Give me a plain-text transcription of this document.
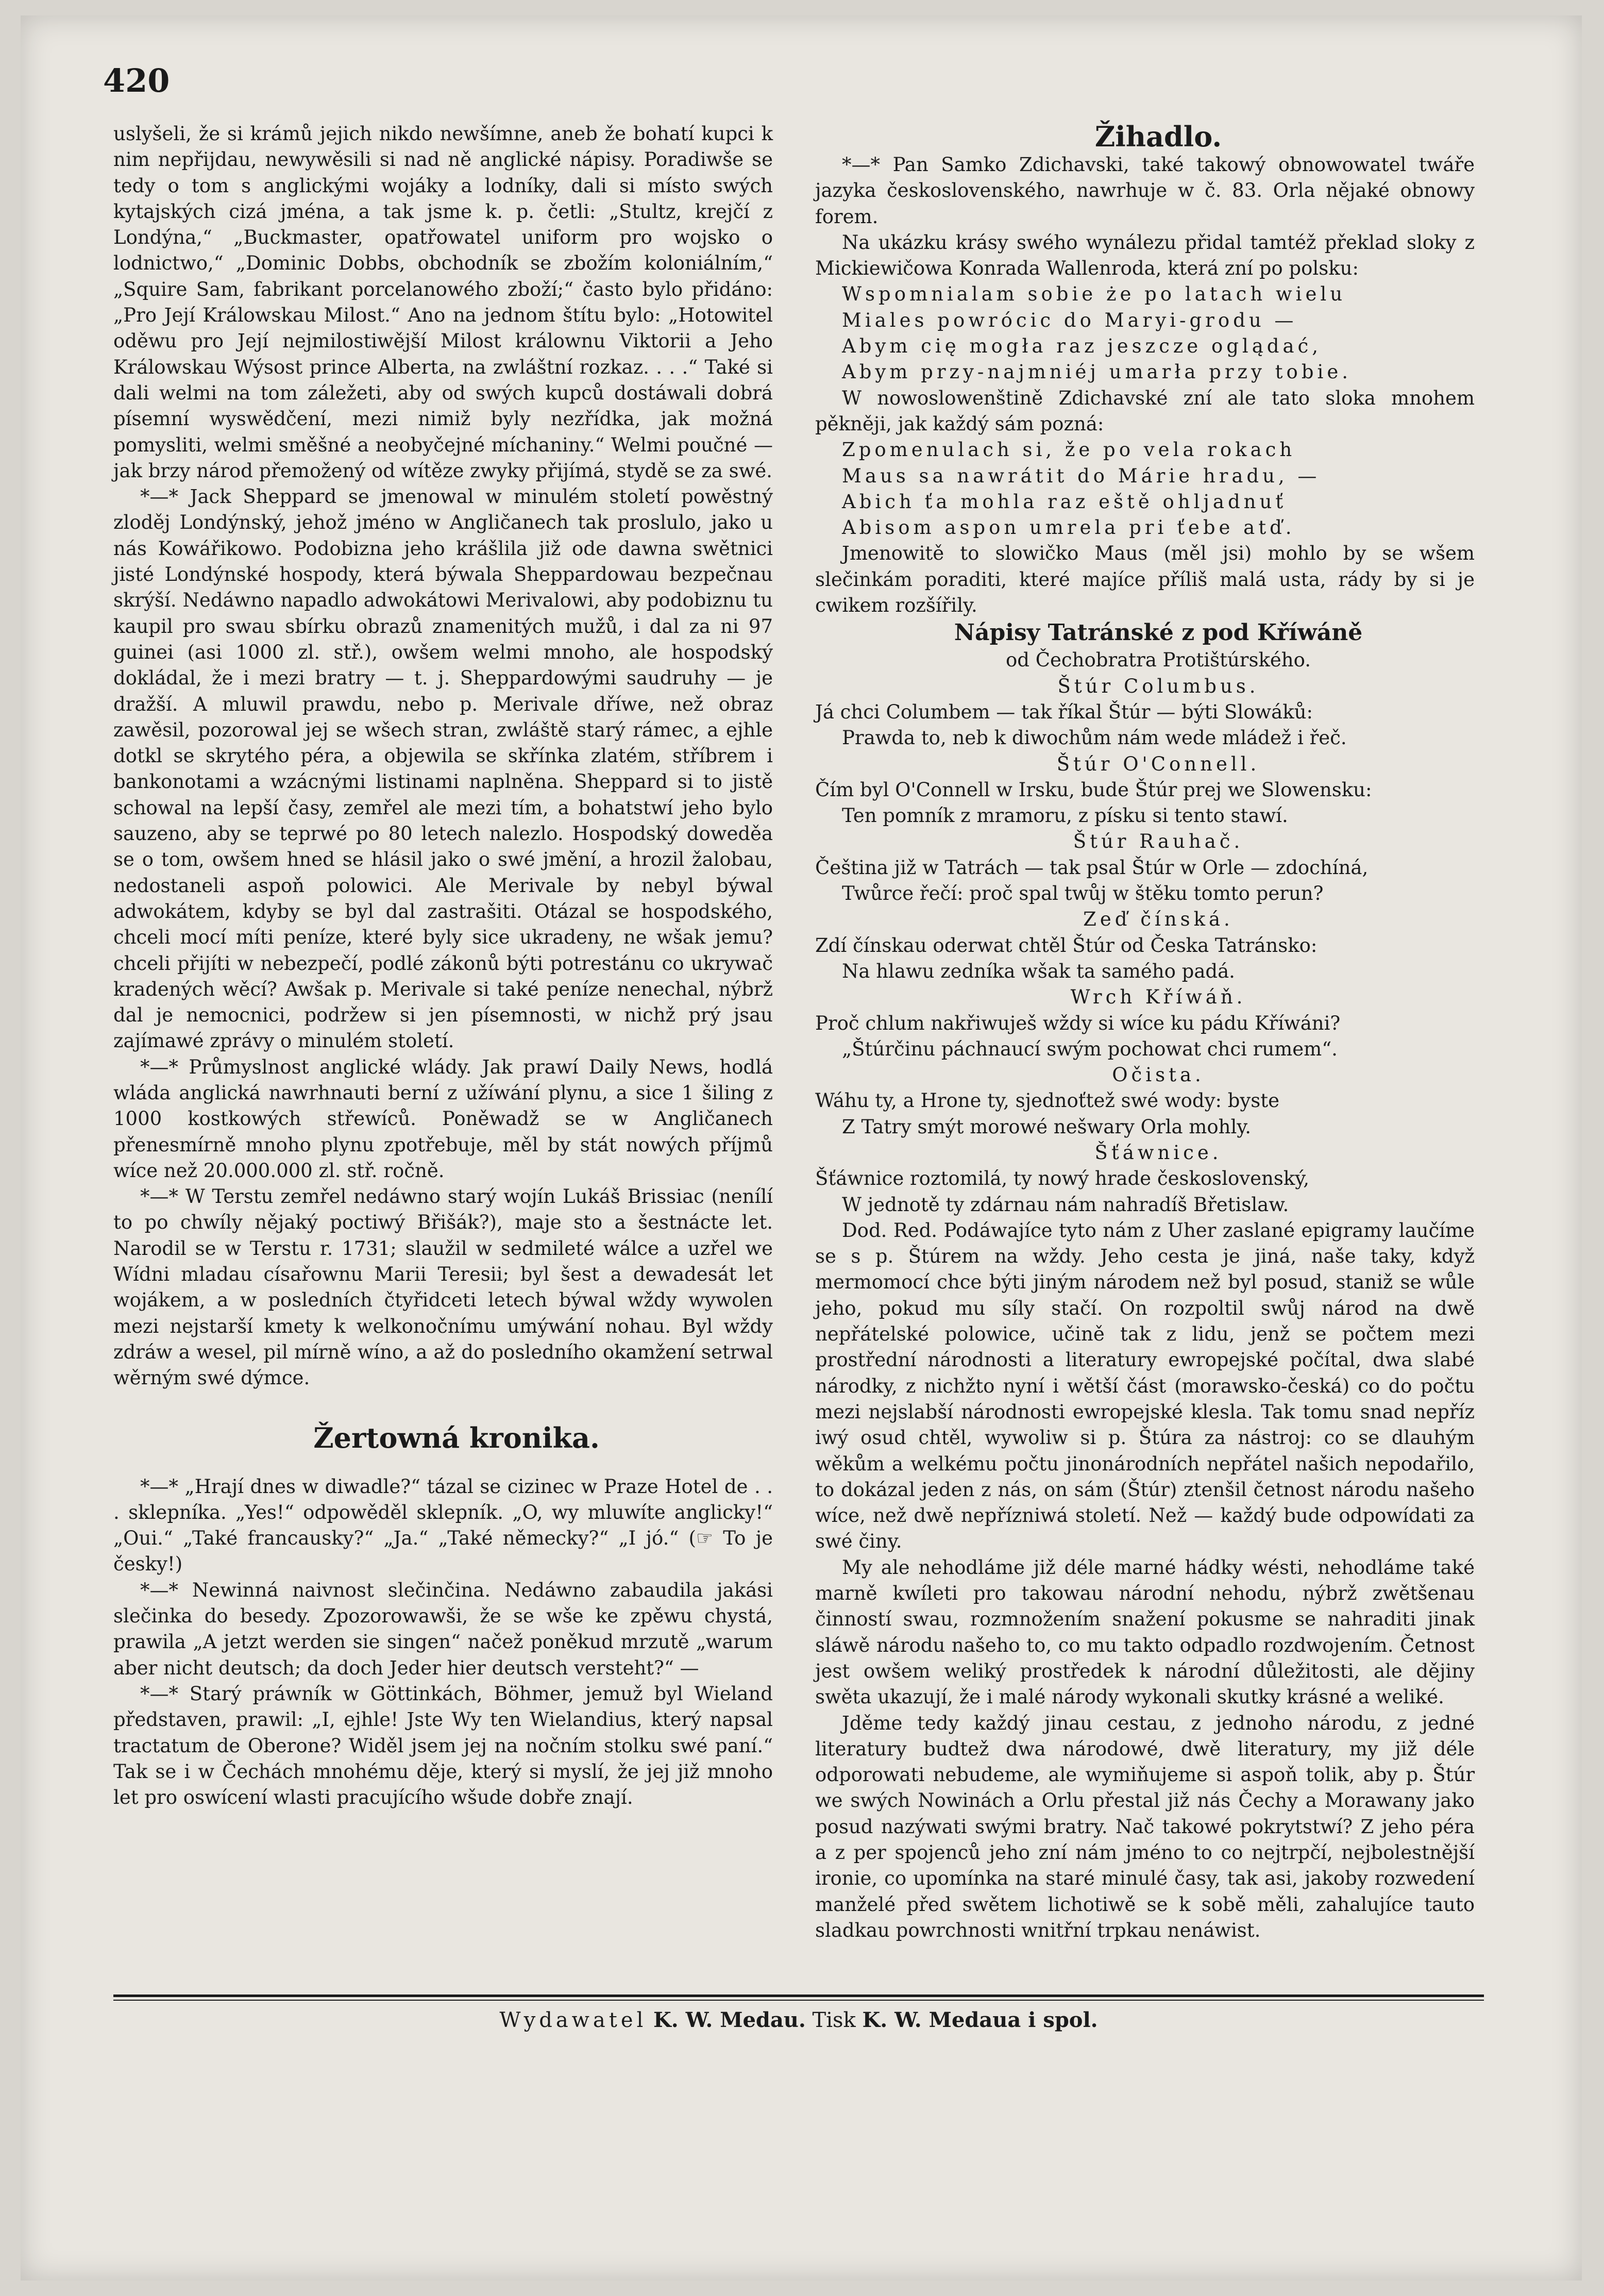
420

uslyšeli, že si krámů jejich nikdo newšímne, aneb že bohatí kupci k nim nepřijdau, newywěsili si nad ně anglické nápisy. Poradiwše se tedy o tom s anglickými wojáky a lodníky, dali si místo swých kytajských cizá jména, a tak jsme k. p. četli: „Stultz, krejčí z Londýna,“ „Buckmaster, opatřowatel uniform pro wojsko o lodnictwo,“ „Dominic Dobbs, obchodník se zbožím koloniálním,“ „Squire Sam, fabrikant porcelanowého zboží;“ často bylo přidáno: „Pro Její Králowskau Milost.“ Ano na jednom štítu bylo: „Hotowitel oděwu pro Její nejmilostiwější Milost králownu Viktorii a Jeho Králowskau Wýsost prince Alberta, na zwláštní rozkaz. . . .“ Také si dali welmi na tom záležeti, aby od swých kupců dostáwali dobrá písemní wyswědčení, mezi nimiž byly nezřídka, jak možná pomysliti, welmi směšné a neobyčejné míchaniny.“ Welmi poučné — jak brzy národ přemožený od wítěze zwyky přijímá, stydě se za swé.

*—* Jack Sheppard se jmenowal w minulém století powěstný zloděj Londýnský, jehož jméno w Angličanech tak proslulo, jako u nás Kowářikowo. Podobizna jeho krášlila již ode dawna swětnici jisté Londýnské hospody, která býwala Sheppardowau bezpečnau skrýší. Nedáwno napadlo adwokátowi Merivalowi, aby podobiznu tu kaupil pro swau sbírku obrazů znamenitých mužů, i dal za ni 97 guinei (asi 1000 zl. stř.), owšem welmi mnoho, ale hospodský dokládal, že i mezi bratry — t. j. Sheppardowými saudruhy — je dražší. A mluwil prawdu, nebo p. Merivale dříwe, než obraz zawěsil, pozorowal jej se wšech stran, zwláště starý rámec, a ejhle dotkl se skrytého péra, a objewila se skřínka zlatém, stříbrem i bankonotami a wzácnými listinami naplněna. Sheppard si to jistě schowal na lepší časy, zemřel ale mezi tím, a bohatstwí jeho bylo sauzeno, aby se teprwé po 80 letech nalezlo. Hospodský doweděa se o tom, owšem hned se hlásil jako o swé jmění, a hrozil žalobau, nedostaneli aspoň polowici. Ale Merivale by nebyl býwal adwokátem, kdyby se byl dal zastrašiti. Otázal se hospodského, chceli mocí míti peníze, které byly sice ukradeny, ne wšak jemu? chceli přijíti w nebezpečí, podlé zákonů býti potrestánu co ukrywač kradených wěcí? Awšak p. Merivale si také peníze nenechal, nýbrž dal je nemocnici, podržew si jen písemnosti, w nichž prý jsau zajímawé zprávy o minulém století.

*—* Průmyslnost anglické wlády. Jak prawí Daily News, hodlá wláda anglická nawrhnauti berní z užíwání plynu, a sice 1 šiling z 1000 kostkowých střewíců. Poněwadž se w Angličanech přenesmírně mnoho plynu zpotřebuje, měl by stát nowých příjmů wíce než 20.000.000 zl. stř. ročně.

*—* W Terstu zemřel nedáwno starý wojín Lukáš Brissiac (nenílí to po chwíly nějaký poctiwý Břišák?), maje sto a šestnácte let. Narodil se w Terstu r. 1731; slaužil w sedmileté wálce a uzřel we Wídni mladau císařownu Marii Teresii; byl šest a dewadesát let wojákem, a w posledních čtyřidceti letech býwal wždy wywolen mezi nejstarší kmety k welkonočnímu umýwání nohau. Byl wždy zdráw a wesel, pil mírně wíno, a až do posledního okamžení setrwal wěrným swé dýmce.

Žertowná kronika.

*—* „Hrají dnes w diwadle?“ tázal se cizinec w Praze Hotel de . . . sklepníka. „Yes!“ odpowěděl sklepník. „O, wy mluwíte anglicky!“ „Oui.“ „Také francausky?“ „Ja.“ „Také německy?“ „I jó.“ (☞ To je česky!)

*—* Newinná naivnost slečinčina. Nedáwno zabaudila jakási slečinka do besedy. Zpozorowawši, že se wše ke zpěwu chystá, prawila „A jetzt werden sie singen“ načež poněkud mrzutě „warum aber nicht deutsch; da doch Jeder hier deutsch versteht?“ —

*—* Starý práwník w Göttinkách, Böhmer, jemuž byl Wieland představen, prawil: „I, ejhle! Jste Wy ten Wielandius, který napsal tractatum de Oberone? Widěl jsem jej na nočním stolku swé paní.“ Tak se i w Čechách mnohému děje, který si myslí, že jej již mnoho let pro oswícení wlasti pracujícího wšude dobře znají.

Žihadlo.

*—* Pan Samko Zdichavski, také takowý obnowowatel twáře jazyka československého, nawrhuje w č. 83. Orla nějaké obnowy forem.

Na ukázku krásy swého wynálezu přidal tamtéž překlad sloky z Mickiewičowa Konrada Wallenroda, která zní po polsku:

Wspomnialam sobie że po latach wielu

Miales powrócic do Maryi-grodu —

Abym cię mogła raz jeszcze oglądać,

Abym przy-najmniéj umarła przy tobie.

W nowoslowenštině Zdichavské zní ale tato sloka mnohem pěkněji, jak každý sám pozná:

Zpomenulach si, že po vela rokach

Maus sa nawrátit do Márie hradu, —

Abich ťa mohla raz eště ohljadnuť

Abisom aspon umrela pri ťebe atď.

Jmenowitě to slowičko Maus (měl jsi) mohlo by se wšem slečinkám poraditi, které majíce příliš malá usta, rády by si je cwikem rozšířily.

Nápisy Tatránské z pod Kříwáně

od Čechobratra Protištúrského.

Štúr Columbus.

Já chci Columbem — tak říkal Štúr — býti Slowáků:

Prawda to, neb k diwochům nám wede mládež i řeč.

Štúr O'Connell.

Čím byl O'Connell w Irsku, bude Štúr prej we Slowensku:

Ten pomník z mramoru, z písku si tento stawí.

Štúr Rauhač.

Čeština již w Tatrách — tak psal Štúr w Orle — zdochíná,

Twůrce řečí: proč spal twůj w štěku tomto perun?

Zeď čínská.

Zdí čínskau oderwat chtěl Štúr od Česka Tatránsko:

Na hlawu zedníka wšak ta samého padá.

Wrch Kříwáň.

Proč chlum nakřiwuješ wždy si wíce ku pádu Kříwáni?

„Štúrčinu páchnaucí swým pochowat chci rumem“.

Očista.

Wáhu ty, a Hrone ty, sjednoťtež swé wody: byste

Z Tatry smýt morowé nešwary Orla mohly.

Šťáwnice.

Šťáwnice roztomilá, ty nowý hrade československý,

W jednotě ty zdárnau nám nahradíš Břetislaw.

Dod. Red. Podáwajíce tyto nám z Uher zaslané epigramy laučíme se s p. Štúrem na wždy. Jeho cesta je jiná, naše taky, když mermomocí chce býti jiným národem než byl posud, staniž se wůle jeho, pokud mu síly stačí. On rozpoltil swůj národ na dwě nepřátelské polowice, učině tak z lidu, jenž se počtem mezi prostřední národnosti a literatury ewropejské počítal, dwa slabé národky, z nichžto nyní i wětší část (morawsko-česká) co do počtu mezi nejslabší národnosti ewropejské klesla. Tak tomu snad nepříz iwý osud chtěl, wywoliw si p. Štúra za nástroj: co se dlauhým wěkům a welkému počtu jinonárodních nepřátel našich nepodařilo, to dokázal jeden z nás, on sám (Štúr) ztenšil četnost národu našeho wíce, než dwě nepřízniwá století. Než — každý bude odpowídati za swé činy.

My ale nehodláme již déle marné hádky wésti, nehodláme také marně kwíleti pro takowau národní nehodu, nýbrž zwětšenau činností swau, rozmnožením snažení pokusme se nahraditi jinak sláwě národu našeho to, co mu takto odpadlo rozdwojením. Četnost jest owšem weliký prostředek k národní důležitosti, ale dějiny swěta ukazují, že i malé národy wykonali skutky krásné a weliké.

Jděme tedy každý jinau cestau, z jednoho národu, z jedné literatury budtež dwa národowé, dwě literatury, my již déle odporowati nebudeme, ale wymiňujeme si aspoň tolik, aby p. Štúr we swých Nowinách a Orlu přestal již nás Čechy a Morawany jako posud nazýwati swými bratry. Nač takowé pokrytstwí? Z jeho péra a z per spojenců jeho zní nám jméno to co nejtrpčí, nejbolestnější ironie, co upomínka na staré minulé časy, tak asi, jakoby rozwedení manželé před swětem lichotiwě se k sobě měli, zahalujíce tauto sladkau powrchnosti wnitřní trpkau nenáwist.

Wydawatel K. W. Medau. Tisk K. W. Medaua i spol.
